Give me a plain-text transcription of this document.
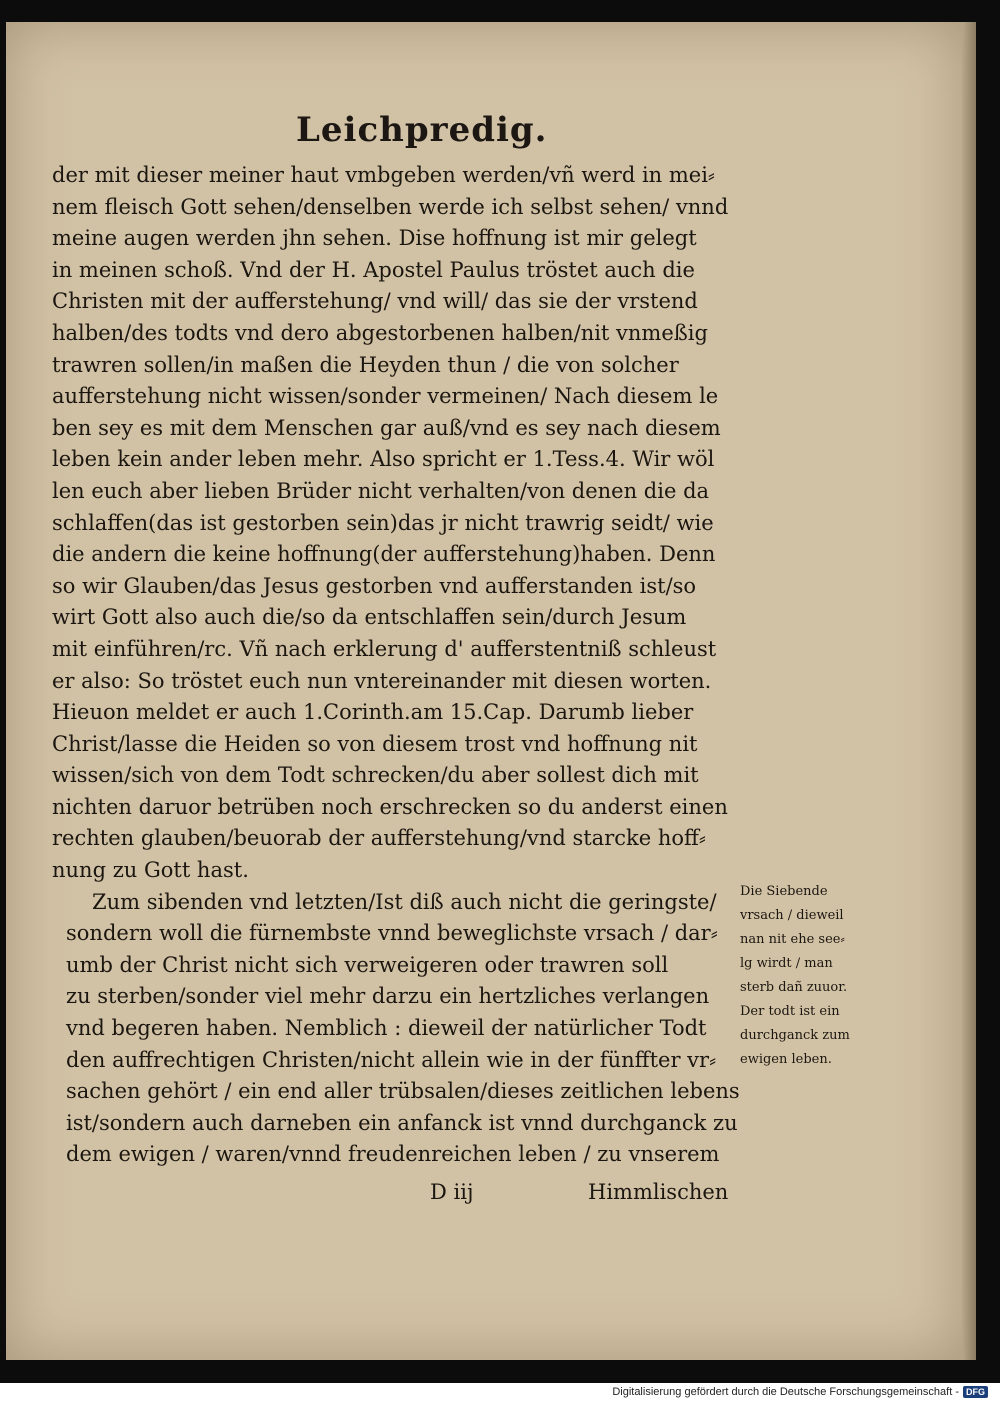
Leichpredig.
der mit dieser meiner haut vmbgeben werden/vñ werd in mei⸗
nem fleisch Gott sehen/denselben werde ich selbst sehen/ vnnd
meine augen werden jhn sehen. Dise hoffnung ist mir gelegt
in meinen schoß. Vnd der H. Apostel Paulus tröstet auch die
Christen mit der aufferstehung/ vnd will/ das sie der vrstend
halben/des todts vnd dero abgestorbenen halben/nit vnmeßig
trawren sollen/in maßen die Heyden thun / die von solcher
aufferstehung nicht wissen/sonder vermeinen/ Nach diesem le
ben sey es mit dem Menschen gar auß/vnd es sey nach diesem
leben kein ander leben mehr. Also spricht er 1.Tess.4. Wir wöl
len euch aber lieben Brüder nicht verhalten/von denen die da
schlaffen(das ist gestorben sein)das jr nicht trawrig seidt/ wie
die andern die keine hoffnung(der aufferstehung)haben. Denn
so wir Glauben/das Jesus gestorben vnd aufferstanden ist/so
wirt Gott also auch die/so da entschlaffen sein/durch Jesum
mit einführen/rc. Vñ nach erklerung d' aufferstentniß schleust
er also: So tröstet euch nun vntereinander mit diesen worten.
Hieuon meldet er auch 1.Corinth.am 15.Cap. Darumb lieber
Christ/lasse die Heiden so von diesem trost vnd hoffnung nit
wissen/sich von dem Todt schrecken/du aber sollest dich mit
nichten daruor betrüben noch erschrecken so du anderst einen
rechten glauben/beuorab der aufferstehung/vnd starcke hoff⸗
nung zu Gott hast.
Zum sibenden vnd letzten/Ist diß auch nicht die geringste/
sondern woll die fürnembste vnnd beweglichste vrsach / dar⸗
umb der Christ nicht sich verweigeren oder trawren soll
zu sterben/sonder viel mehr darzu ein hertzliches verlangen
vnd begeren haben. Nemblich : dieweil der natürlicher Todt
den auffrechtigen Christen/nicht allein wie in der fünffter vr⸗
sachen gehört / ein end aller trübsalen/dieses zeitlichen lebens
ist/sondern auch darneben ein anfanck ist vnnd durchganck zu
dem ewigen / waren/vnnd freudenreichen leben / zu vnserem
Die Siebende
vrsach / dieweil
nan nit ehe see⸗
lg wirdt / man
sterb dañ zuuor.
Der todt ist ein
durchganck zum
ewigen leben.
D iij	Himmlischen
Digitalisierung gefördert durch die Deutsche Forschungsgemeinschaft - DFG
